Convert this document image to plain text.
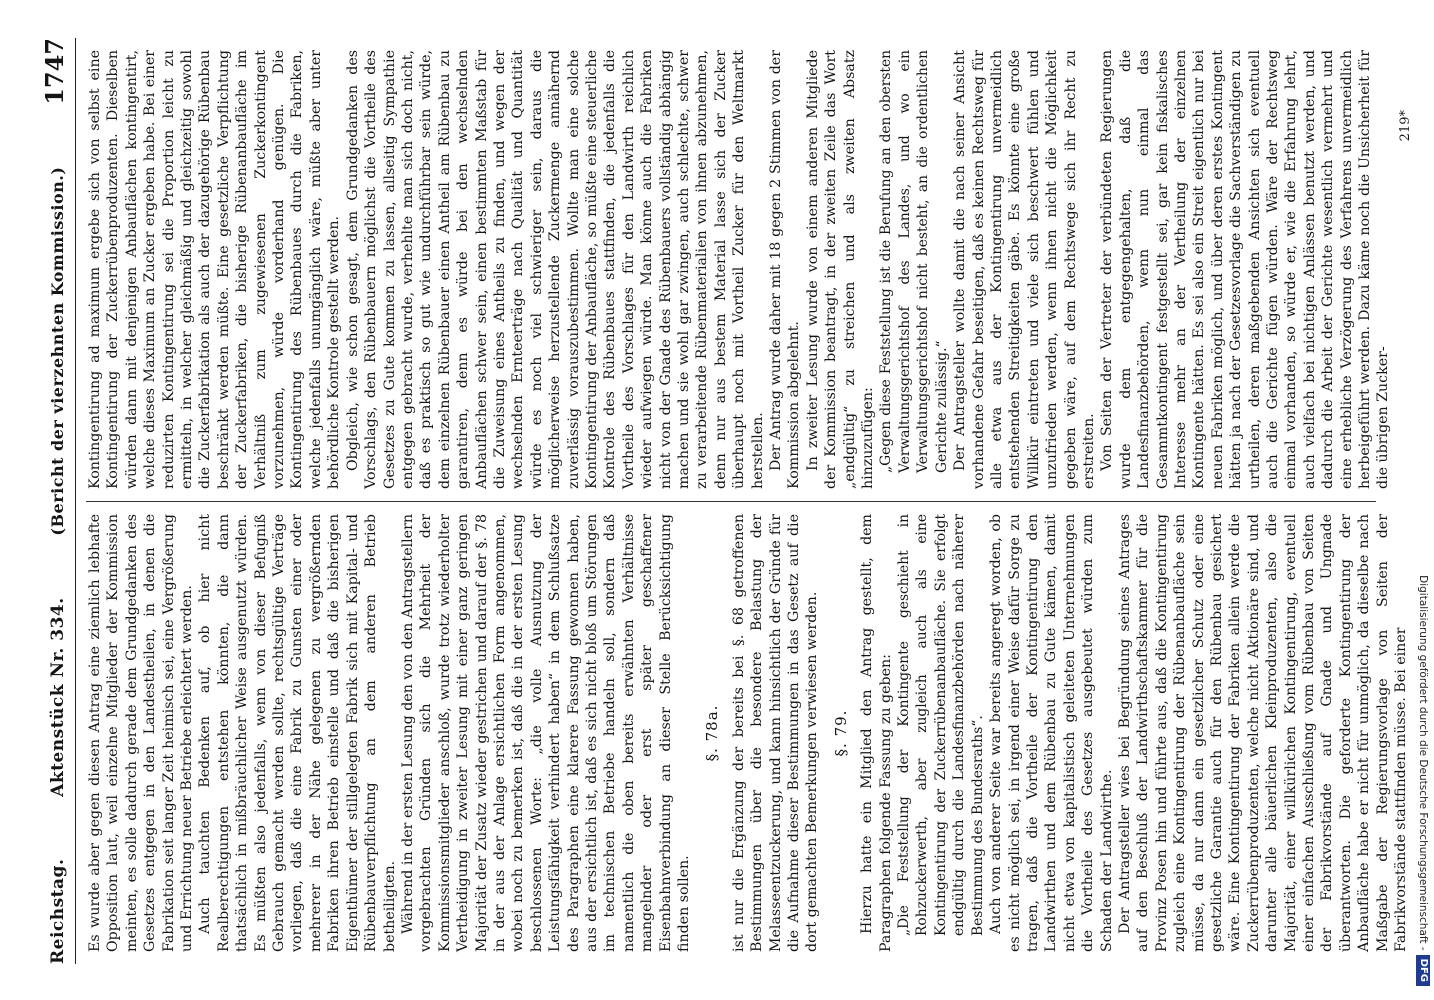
Reichstag.
Aktenstück Nr. 334.
(Bericht der vierzehnten Kommission.)
1747

Es wurde aber gegen diesen Antrag eine ziemlich lebhafte Opposition laut, weil einzelne Mitglieder der Kommission meinten, es solle dadurch gerade dem Grundgedanken des Gesetzes entgegen in den Landestheilen, in denen die Fabrikation seit langer Zeit heimisch sei, eine Vergrößerung und Errichtung neuer Betriebe erleichtert werden. Auch tauchten Bedenken auf, ob hier nicht Realberechtigungen entstehen könnten, die dann thatsächlich in mißbräuchlicher Weise ausgenutzt würden. Es müßten also jedenfalls, wenn von dieser Befugniß Gebrauch gemacht werden sollte, rechtsgültige Verträge vorliegen, daß die eine Fabrik zu Gunsten einer oder mehrerer in der Nähe gelegenen zu vergrößernden Fabriken ihren Betrieb einstelle und daß die bisherigen Eigenthümer der stillgelegten Fabrik sich mit Kapital- und Rübenbauverpflichtung an dem anderen Betrieb betheiligten. Während in der ersten Lesung den von den Antragstellern vorgebrachten Gründen sich die Mehrheit der Kommissionsmitglieder anschloß, wurde trotz wiederholter Vertheidigung in zweiter Lesung mit einer ganz geringen Majorität der Zusatz wieder gestrichen und darauf der §. 78 in der aus der Anlage ersichtlichen Form angenommen, wobei noch zu bemerken ist, daß die in der ersten Lesung beschlossenen Worte: „die volle Ausnutzung der Leistungsfähigkeit verhindert haben“ in dem Schlußsatze des Paragraphen eine klarere Fassung gewonnen haben, aus der ersichtlich ist, daß es sich nicht bloß um Störungen im technischen Betriebe handeln soll, sondern daß namentlich die oben bereits erwähnten Verhältnisse mangelnder oder erst später geschaffener Eisenbahnverbindung an dieser Stelle Berücksichtigung finden sollen.

§. 78a. ist nur die Ergänzung der bereits bei §. 68 getroffenen Bestimmungen über die besondere Belastung der Melasseentzuckerung, und kann hinsichtlich der Gründe für die Aufnahme dieser Bestimmungen in das Gesetz auf die dort gemachten Bemerkungen verwiesen werden. §. 79. Hierzu hatte ein Mitglied den Antrag gestellt, dem Paragraphen folgende Fassung zu geben: „Die Feststellung der Kontingente geschieht in Rohzuckerwerth, aber zugleich auch als eine Kontingentirung der Zuckerrübenanbaufläche. Sie erfolgt endgültig durch die Landesfinanzbehörden nach näherer Bestimmung des Bundesraths“. Auch von anderer Seite war bereits angeregt worden, ob es nicht möglich sei, in irgend einer Weise dafür Sorge zu tragen, daß die Vortheile der Kontingentirung den Landwirthen und dem Rübenbau zu Gute kämen, damit nicht etwa von kapitalistisch geleiteten Unternehmungen die Vortheile des Gesetzes ausgebeutet würden zum Schaden der Landwirthe. Der Antragsteller wies bei Begründung seines Antrages auf den Beschluß der Landwirthschaftskammer für die Provinz Posen hin und führte aus, daß die Kontingentirung zugleich eine Kontingentirung der Rübenanbaufläche sein müsse, da nur dann ein gesetzlicher Schutz oder eine gesetzliche Garantie auch für den Rübenbau gesichert wäre. Eine Kontingentirung der Fabriken allein werde die Zuckerrübenproduzenten, welche nicht Aktionäre sind, und darunter alle bäuerlichen Kleinproduzenten, also die Majorität, einer willkürlichen Kontingentirung, eventuell einer einfachen Ausschließung vom Rübenbau von Seiten der Fabrikvorstände auf Gnade und Ungnade überantworten. Die geforderte Kontingentirung der Anbaufläche habe er nicht für unmöglich, da dieselbe nach Maßgabe der Regierungsvorlage von Seiten der Fabrikvorstände stattfinden müsse. Bei einer

Kontingentirung ad maximum ergebe sich von selbst eine Kontingentirung der Zuckerrübenproduzenten. Dieselben würden dann mit denjenigen Anbauflächen kontingentirt, welche dieses Maximum an Zucker ergeben habe. Bei einer reduzirten Kontingentirung sei die Proportion leicht zu ermitteln, in welcher gleichmäßig und gleichzeitig sowohl die Zuckerfabrikation als auch der dazugehörige Rübenbau beschränkt werden müßte. Eine gesetzliche Verpflichtung der Zuckerfabriken, die bisherige Rübenanbaufläche im Verhältniß zum zugewiesenen Zuckerkontingent vorzunehmen, würde vorderhand genügen. Die Kontingentirung des Rübenbaues durch die Fabriken, welche jedenfalls unumgänglich wäre, müßte aber unter behördliche Kontrole gestellt werden. Obgleich, wie schon gesagt, dem Grundgedanken des Vorschlags, den Rübenbauern möglichst die Vortheile des Gesetzes zu Gute kommen zu lassen, allseitig Sympathie entgegen gebracht wurde, verhehlte man sich doch nicht, daß es praktisch so gut wie undurchführbar sein würde, dem einzelnen Rübenbauer einen Antheil am Rübenbau zu garantiren, denn es würde bei den wechselnden Anbauflächen schwer sein, einen bestimmten Maßstab für die Zuweisung eines Antheils zu finden, und wegen der wechselnden Ernteerträge nach Qualität und Quantität würde es noch viel schwieriger sein, daraus die möglicherweise herzustellende Zuckermenge annähernd zuverlässig vorauszubestimmen. Wollte man eine solche Kontingentirung der Anbaufläche, so müßte eine steuerliche Kontrole des Rübenbaues stattfinden, die jedenfalls die Vortheile des Vorschlages für den Landwirth reichlich wieder aufwiegen würde. Man könne auch die Fabriken nicht von der Gnade des Rübenbauers vollständig abhängig machen und sie wohl gar zwingen, auch schlechte, schwer zu verarbeitende Rübenmaterialien von ihnen abzunehmen, denn nur aus bestem Material lasse sich der Zucker überhaupt noch mit Vortheil Zucker für den Weltmarkt herstellen. Der Antrag wurde daher mit 18 gegen 2 Stimmen von der Kommission abgelehnt. In zweiter Lesung wurde von einem anderen Mitgliede der Kommission beantragt, in der zweiten Zeile das Wort „endgültig“ zu streichen und als zweiten Absatz hinzuzufügen: „Gegen diese Feststellung ist die Berufung an den obersten Verwaltungsgerichtshof des Landes, und wo ein Verwaltungsgerichtshof nicht besteht, an die ordentlichen Gerichte zulässig.“ Der Antragsteller wollte damit die nach seiner Ansicht vorhandene Gefahr beseitigen, daß es keinen Rechtsweg für alle etwa aus der Kontingentirung unvermeidlich entstehenden Streitigkeiten gäbe. Es könnte eine große Willkür eintreten und viele sich beschwert fühlen und unzufrieden werden, wenn ihnen nicht die Möglichkeit gegeben wäre, auf dem Rechtswege sich ihr Recht zu erstreiten. Von Seiten der Vertreter der verbündeten Regierungen wurde dem entgegengehalten, daß die Landesfinanzbehörden, wenn nun einmal das Gesammtkontingent festgestellt sei, gar kein fiskalisches Interesse mehr an der Vertheilung der einzelnen Kontingente hätten. Es sei also ein Streit eigentlich nur bei neuen Fabriken möglich, und über deren erstes Kontingent hätten ja nach der Gesetzesvorlage die Sachverständigen zu urtheilen, deren maßgebenden Ansichten sich eventuell auch die Gerichte fügen würden. Wäre der Rechtsweg einmal vorhanden, so würde er, wie die Erfahrung lehrt, auch vielfach bei nichtigen Anlässen benutzt werden, und dadurch die Arbeit der Gerichte wesentlich vermehrt und eine erhebliche Verzögerung des Verfahrens unvermeidlich herbeigeführt werden. Dazu käme noch die Unsicherheit für die übrigen Zucker-

219*
Digitalisierung gefördert durch die Deutsche Forschungsgemeinschaft -
DFG
